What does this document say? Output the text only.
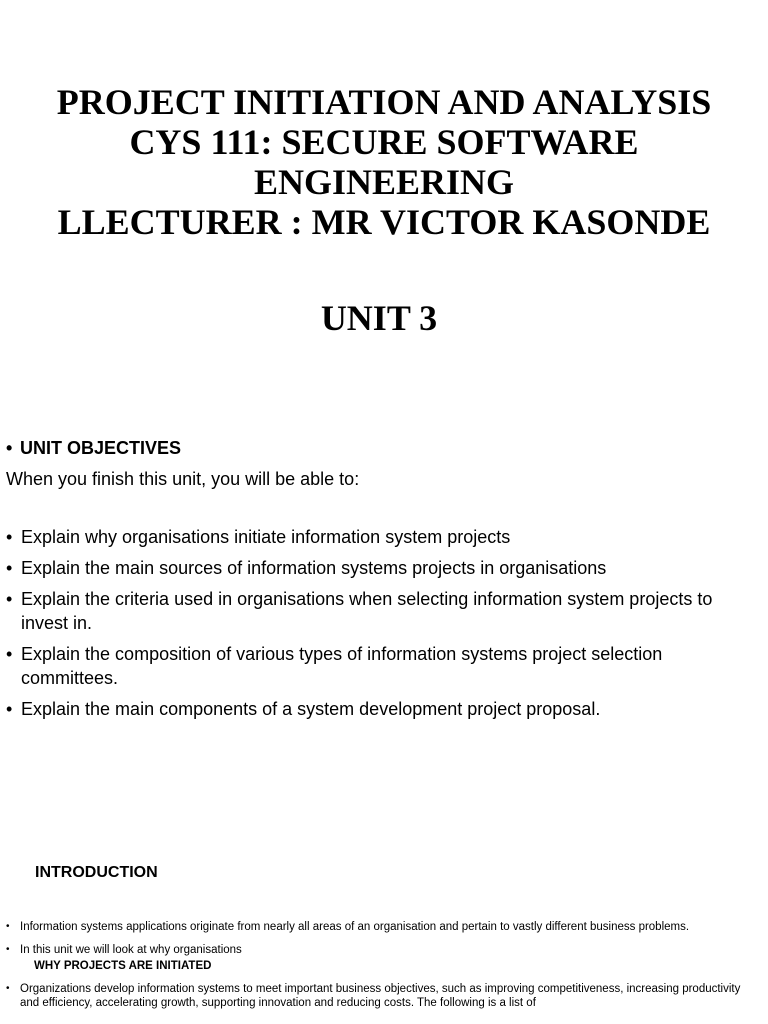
PROJECT INITIATION AND ANALYSIS
CYS 111: SECURE SOFTWARE
ENGINEERING
LLECTURER : MR VICTOR KASONDE
UNIT 3
• UNIT OBJECTIVES
When you finish this unit, you will be able to:
• Explain why organisations initiate information system projects
• Explain the main sources of information systems projects in organisations
• Explain the criteria used in organisations when selecting information system projects to invest in.
• Explain the composition of various types of information systems project selection committees.
• Explain the main components of a system development project proposal.
INTRODUCTION
• Information systems applications originate from nearly all areas of an organisation and pertain to vastly different business problems.
• In this unit we will look at why organisations
WHY PROJECTS ARE INITIATED
• Organizations develop information systems to meet important business objectives, such as improving competitiveness, increasing productivity and efficiency, accelerating growth, supporting innovation and reducing costs. The following is a list of
